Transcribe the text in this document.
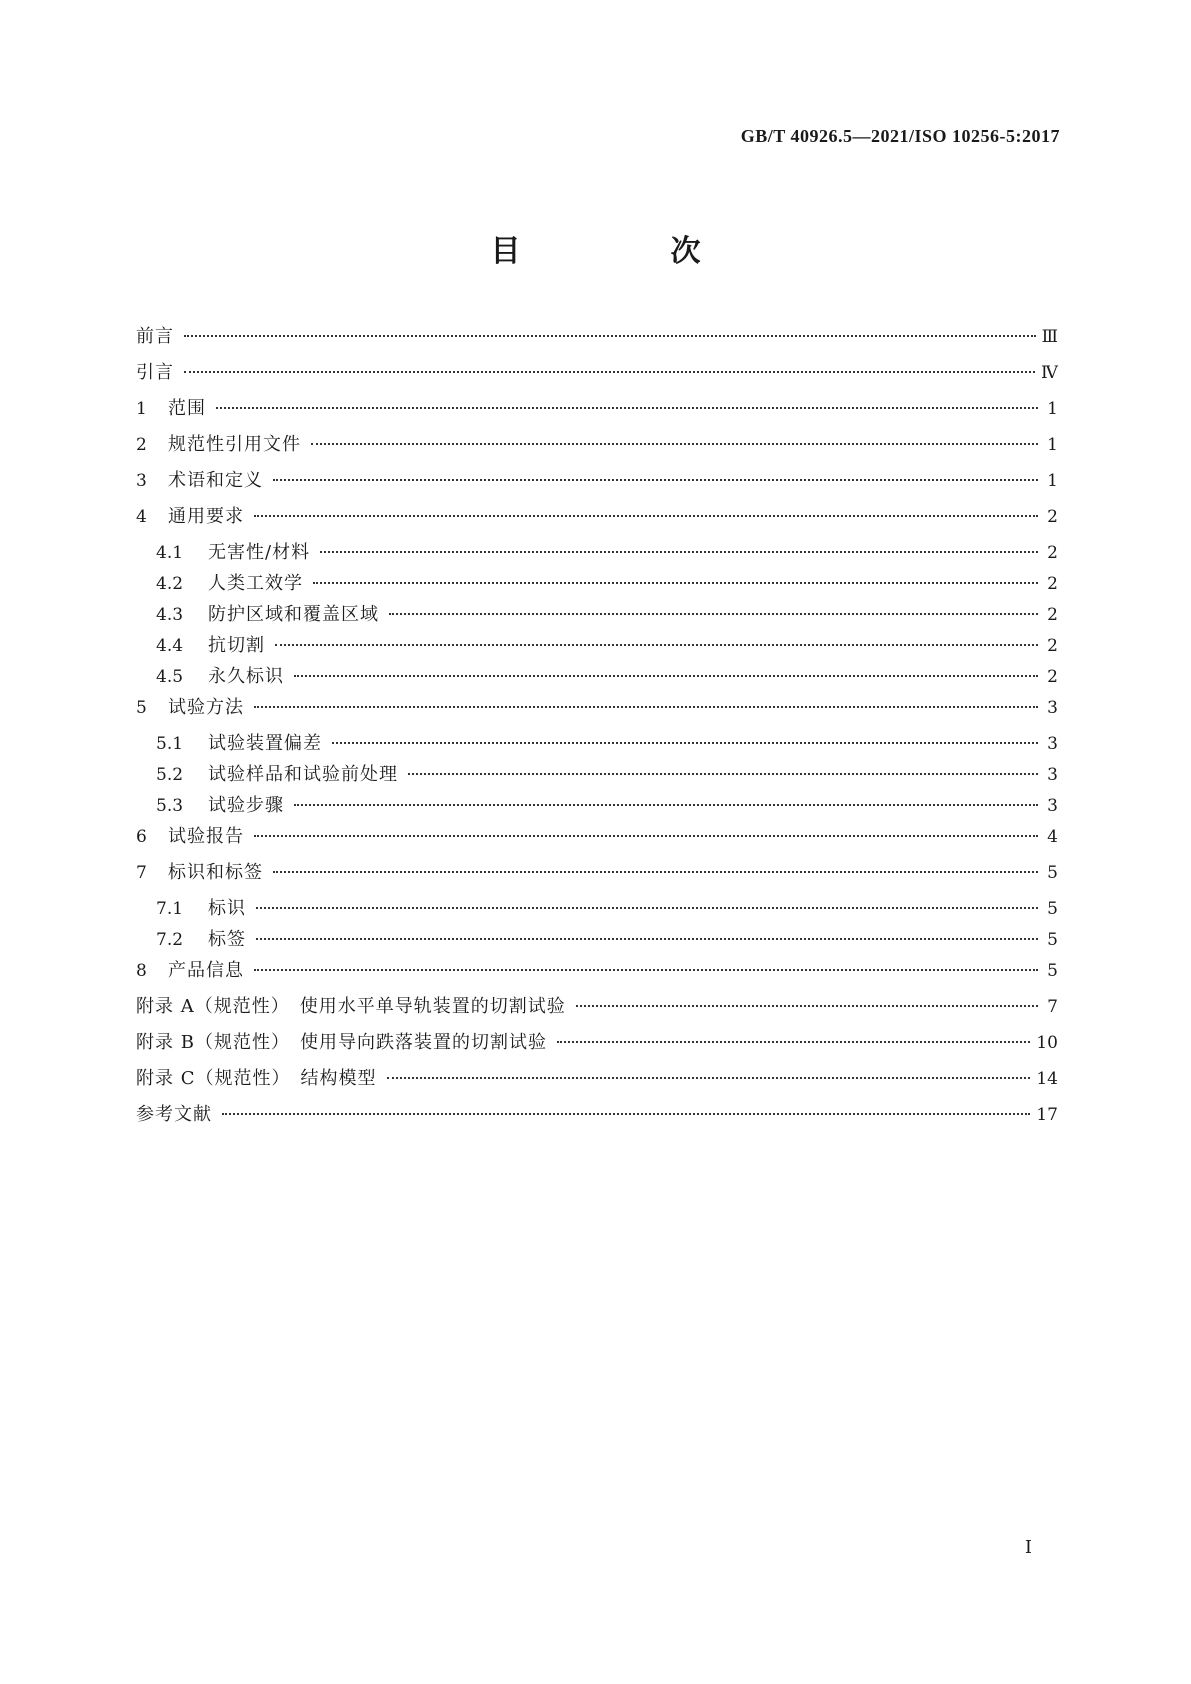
GB/T 40926.5—2021/ISO 10256-5:2017
目　次
前言	Ⅲ
引言	Ⅳ
1 范围	1
2 规范性引用文件	1
3 术语和定义	1
4 通用要求	2
4.1 无害性/材料	2
4.2 人类工效学	2
4.3 防护区域和覆盖区域	2
4.4 抗切割	2
4.5 永久标识	2
5 试验方法	3
5.1 试验装置偏差	3
5.2 试验样品和试验前处理	3
5.3 试验步骤	3
6 试验报告	4
7 标识和标签	5
7.1 标识	5
7.2 标签	5
8 产品信息	5
附录 A（规范性）　使用水平单导轨装置的切割试验	7
附录 B（规范性）　使用导向跌落装置的切割试验	10
附录 C（规范性）　结构模型	14
参考文献	17
I
